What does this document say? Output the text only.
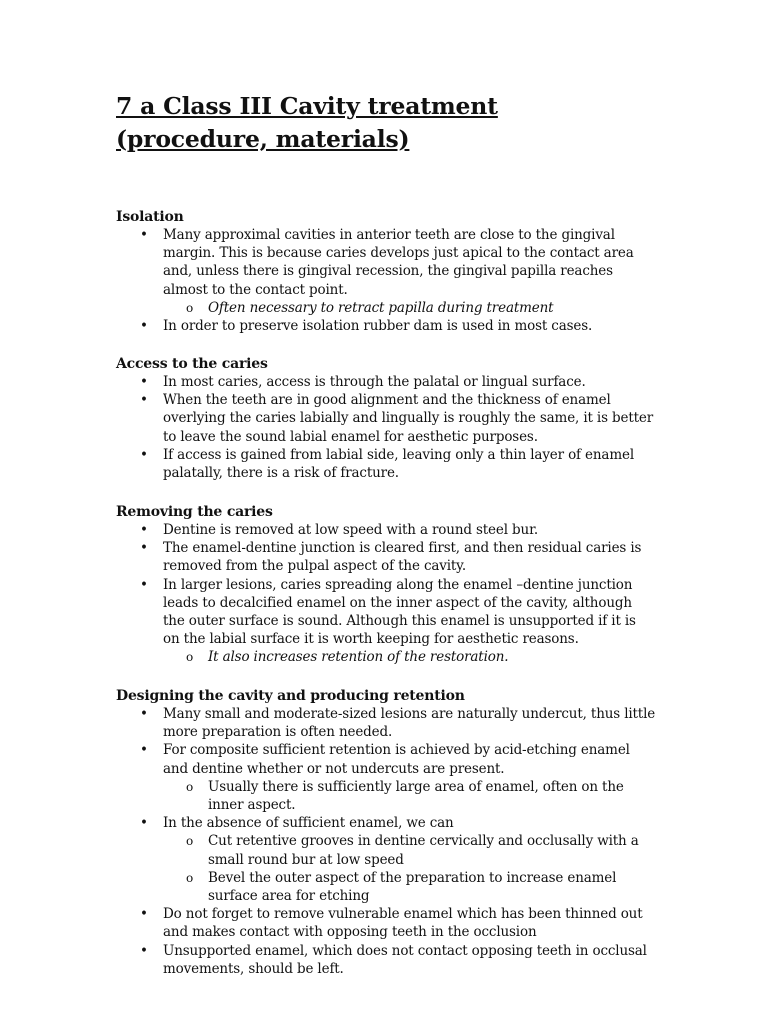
7 a Class III Cavity treatment (procedure, materials)

Isolation

• Many approximal cavities in anterior teeth are close to the gingival margin. This is because caries develops just apical to the contact area and, unless there is gingival recession, the gingival papilla reaches almost to the contact point.
o Often necessary to retract papilla during treatment
• In order to preserve isolation rubber dam is used in most cases.

Access to the caries

• In most caries, access is through the palatal or lingual surface.
• When the teeth are in good alignment and the thickness of enamel overlying the caries labially and lingually is roughly the same, it is better to leave the sound labial enamel for aesthetic purposes.
• If access is gained from labial side, leaving only a thin layer of enamel palatally, there is a risk of fracture.

Removing the caries

• Dentine is removed at low speed with a round steel bur.
• The enamel-dentine junction is cleared first, and then residual caries is removed from the pulpal aspect of the cavity.
• In larger lesions, caries spreading along the enamel –dentine junction leads to decalcified enamel on the inner aspect of the cavity, although the outer surface is sound. Although this enamel is unsupported if it is on the labial surface it is worth keeping for aesthetic reasons.
o It also increases retention of the restoration.

Designing the cavity and producing retention

• Many small and moderate-sized lesions are naturally undercut, thus little more preparation is often needed.
• For composite sufficient retention is achieved by acid-etching enamel and dentine whether or not undercuts are present.
o Usually there is sufficiently large area of enamel, often on the inner aspect.
• In the absence of sufficient enamel, we can
o Cut retentive grooves in dentine cervically and occlusally with a small round bur at low speed
o Bevel the outer aspect of the preparation to increase enamel surface area for etching
• Do not forget to remove vulnerable enamel which has been thinned out and makes contact with opposing teeth in the occlusion
• Unsupported enamel, which does not contact opposing teeth in occlusal movements, should be left.
